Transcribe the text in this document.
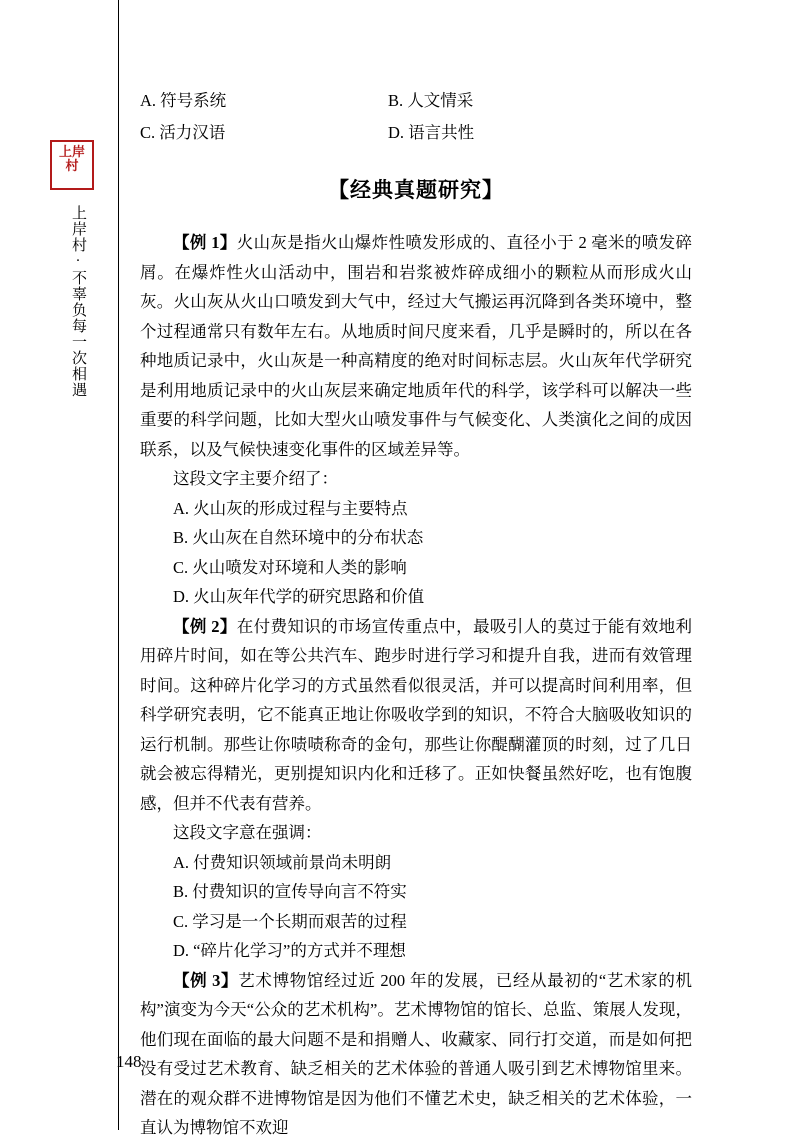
上岸
村
上岸村·不辜负每一次相遇
A. 符号系统	B. 人文情采
C. 活力汉语	D. 语言共性
【经典真题研究】

【例 1】火山灰是指火山爆炸性喷发形成的、直径小于 2 毫米的喷发碎屑。在爆炸性火山活动中，围岩和岩浆被炸碎成细小的颗粒从而形成火山灰。火山灰从火山口喷发到大气中，经过大气搬运再沉降到各类环境中，整个过程通常只有数年左右。从地质时间尺度来看，几乎是瞬时的，所以在各种地质记录中，火山灰是一种高精度的绝对时间标志层。火山灰年代学研究是利用地质记录中的火山灰层来确定地质年代的科学，该学科可以解决一些重要的科学问题，比如大型火山喷发事件与气候变化、人类演化之间的成因联系，以及气候快速变化事件的区域差异等。

这段文字主要介绍了：

A. 火山灰的形成过程与主要特点

B. 火山灰在自然环境中的分布状态

C. 火山喷发对环境和人类的影响

D. 火山灰年代学的研究思路和价值

【例 2】在付费知识的市场宣传重点中，最吸引人的莫过于能有效地利用碎片时间，如在等公共汽车、跑步时进行学习和提升自我，进而有效管理时间。这种碎片化学习的方式虽然看似很灵活，并可以提高时间利用率，但科学研究表明，它不能真正地让你吸收学到的知识，不符合大脑吸收知识的运行机制。那些让你啧啧称奇的金句，那些让你醍醐灌顶的时刻，过了几日就会被忘得精光，更别提知识内化和迁移了。正如快餐虽然好吃，也有饱腹感，但并不代表有营养。

这段文字意在强调：

A. 付费知识领域前景尚未明朗

B. 付费知识的宣传导向言不符实

C. 学习是一个长期而艰苦的过程

D. “碎片化学习”的方式并不理想

【例 3】艺术博物馆经过近 200 年的发展，已经从最初的“艺术家的机构”演变为今天“公众的艺术机构”。艺术博物馆的馆长、总监、策展人发现，他们现在面临的最大问题不是和捐赠人、收藏家、同行打交道，而是如何把没有受过艺术教育、缺乏相关的艺术体验的普通人吸引到艺术博物馆里来。潜在的观众群不进博物馆是因为他们不懂艺术史，缺乏相关的艺术体验，一直认为博物馆不欢迎

148
